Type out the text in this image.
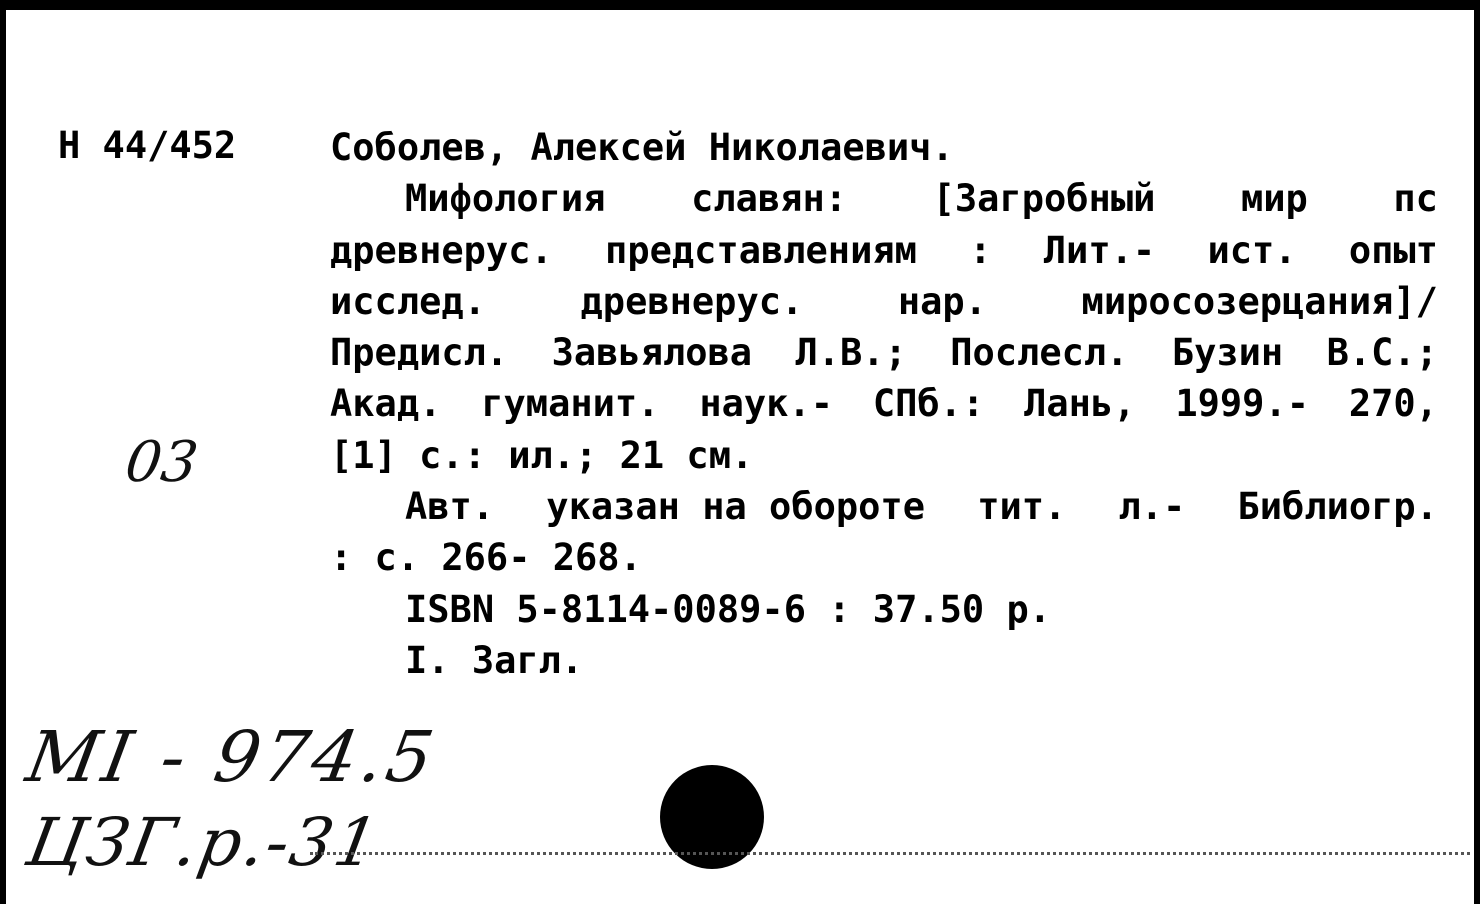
Н 44/452	Соболев, Алексей Николаевич.
Мифология славян: [Загробный мир пс
древнерус. представлениям : Лит.- ист. опыт
исслед.	древнерус.	нар.	миросозерцания]/
Предисл. Завьялова Л.В.; Послесл. Бузин В.С.;
Акад. гуманит. наук.- СПб.: Лань, 1999.- 270,
[1] с.: ил.; 21 см.
Авт. указан на обороте тит. л.- Библиогр.
: с. 266- 268.
ISBN 5-8114-0089-6 : 37.50 р.
I. Загл.
03
МІ - 974.5
ЦЗГ.р.-31
